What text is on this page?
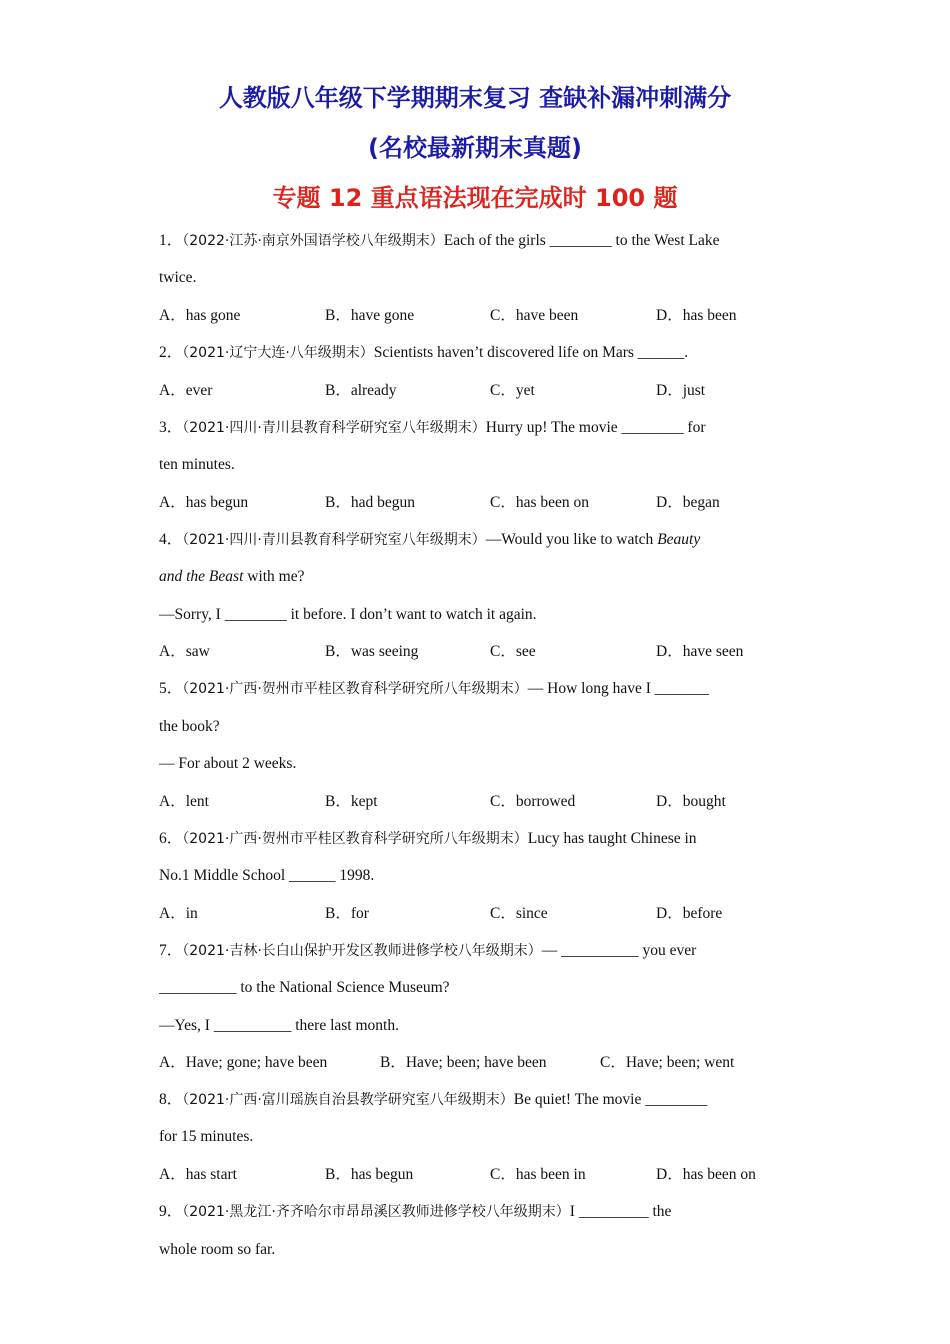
人教版八年级下学期期末复习 查缺补漏冲刺满分
(名校最新期末真题)
专题 12 重点语法现在完成时 100 题
1．（2022·江苏·南京外国语学校八年级期末）Each of the girls ________ to the West Lake
twice.
A．has gone	B．have gone	C．have been	D．has been
2．（2021·辽宁大连·八年级期末）Scientists haven’t discovered life on Mars ______.
A．ever	B．already	C．yet	D．just
3．（2021·四川·青川县教育科学研究室八年级期末）Hurry up! The movie ________ for
ten minutes.
A．has begun	B．had begun	C．has been on	D．began
4．（2021·四川·青川县教育科学研究室八年级期末）—Would you like to watch Beauty
and the Beast with me?
—Sorry, I ________ it before. I don’t want to watch it again.
A．saw	B．was seeing	C．see	D．have seen
5．（2021·广西·贺州市平桂区教育科学研究所八年级期末）— How long have I _______
the book?
— For about 2 weeks.
A．lent	B．kept	C．borrowed	D．bought
6．（2021·广西·贺州市平桂区教育科学研究所八年级期末）Lucy has taught Chinese in
No.1 Middle School ______ 1998.
A．in	B．for	C．since	D．before
7．（2021·吉林·长白山保护开发区教师进修学校八年级期末）— __________ you ever
__________ to the National Science Museum?
—Yes, I __________ there last month.
A．Have; gone; have been	B．Have; been; have been	C．Have; been; went
8．（2021·广西·富川瑶族自治县教学研究室八年级期末）Be quiet! The movie ________
for 15 minutes.
A．has start	B．has begun	C．has been in	D．has been on
9．（2021·黑龙江·齐齐哈尔市昂昂溪区教师进修学校八年级期末）I _________ the
whole room so far.
